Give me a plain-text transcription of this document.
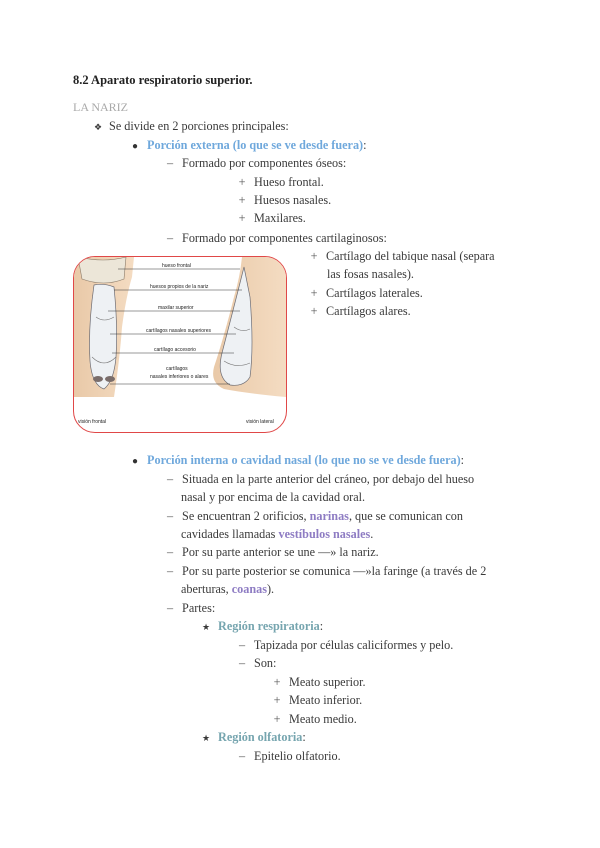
8.2 Aparato respiratorio superior.
LA NARIZ
❖ Se divide en 2 porciones principales:
● Porción externa (lo que se ve desde fuera):
– Formado por componentes óseos:
+ Hueso frontal.
+ Huesos nasales.
+ Maxilares.
– Formado por componentes cartilaginosos:
+ Cartílago del tabique nasal (separa
las fosas nasales).
+ Cartílagos laterales.
+ Cartílagos alares.
hueso frontal
huesos propios de la nariz
maxilar superior
cartílagos nasales superiores
cartílago accesorio
cartílagos
nasales inferiores o alares
visión frontal	visión lateral
● Porción interna o cavidad nasal (lo que no se ve desde fuera):
– Situada en la parte anterior del cráneo, por debajo del hueso
nasal y por encima de la cavidad oral.
– Se encuentran 2 orificios, narinas, que se comunican con
cavidades llamadas vestíbulos nasales.
– Por su parte anterior se une —» la nariz.
– Por su parte posterior se comunica —»la faringe (a través de 2
aberturas, coanas).
– Partes:
★ Región respiratoria:
– Tapizada por células caliciformes y pelo.
– Son:
+ Meato superior.
+ Meato inferior.
+ Meato medio.
★ Región olfatoria:
– Epitelio olfatorio.
